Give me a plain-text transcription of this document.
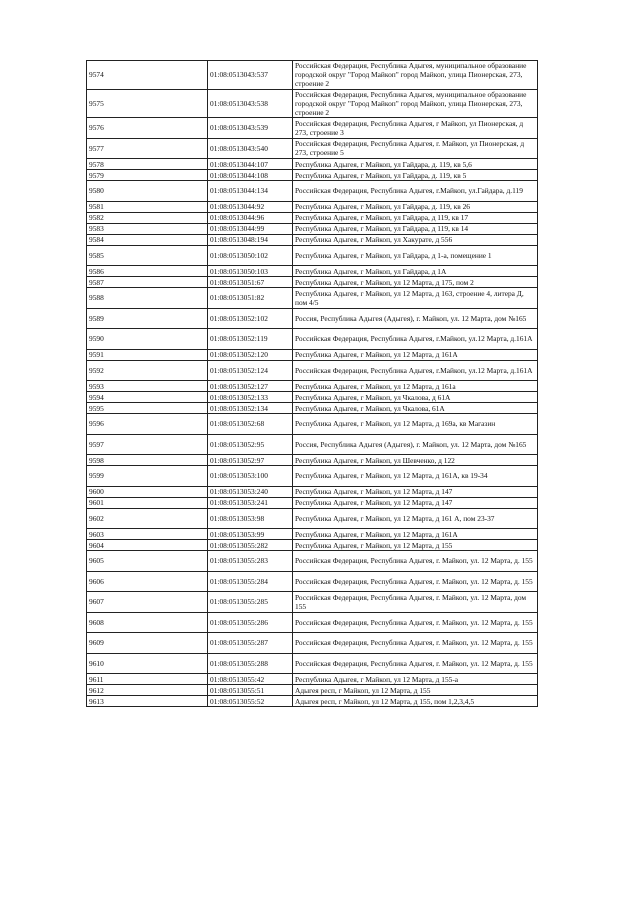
9574	01:08:0513043:537	Российская Федерация, Республика Адыгея, муниципальное образование городской округ "Город Майкоп" город Майкоп, улица Пионерская, 273, строение 2
9575	01:08:0513043:538	Российская Федерация, Республика Адыгея, муниципальное образование городской округ "Город Майкоп" город Майкоп, улица Пионерская, 273, строение 2
9576	01:08:0513043:539	Российская Федерация, Республика Адыгея, г Майкоп, ул Пионерская, д 273, строение 3
9577	01:08:0513043:540	Российская Федерация, Республика Адыгея, г. Майкоп, ул Пионерская, д 273, строение 5
9578	01:08:0513044:107	Республика Адыгея, г Майкоп, ул Гайдара, д. 119, кв 5,6
9579	01:08:0513044:108	Республика Адыгея, г Майкоп, ул Гайдара, д. 119, кв 5
9580	01:08:0513044:134	Российская Федерация, Республика Адыгея, г.Майкоп, ул.Гайдара, д.119
9581	01:08:0513044:92	Республика Адыгея, г Майкоп, ул Гайдара, д. 119, кв 26
9582	01:08:0513044:96	Республика Адыгея, г Майкоп, ул Гайдара, д 119, кв 17
9583	01:08:0513044:99	Республика Адыгея, г Майкоп, ул Гайдара, д 119, кв 14
9584	01:08:0513048:194	Республика Адыгея, г Майкоп, ул Хакурате, д 556
9585	01:08:0513050:102	Республика Адыгея, г Майкоп, ул Гайдара, д 1-а, помещение 1
9586	01:08:0513050:103	Республика Адыгея, г Майкоп, ул Гайдара, д 1А
9587	01:08:0513051:67	Республика Адыгея, г Майкоп, ул 12 Марта, д 175, пом 2
9588	01:08:0513051:82	Республика Адыгея, г Майкоп, ул 12 Марта, д 163, строение 4, литера Д, пом 4/5
9589	01:08:0513052:102	Россия, Республика Адыгея (Адыгея), г. Майкоп, ул. 12 Марта, дом №165
9590	01:08:0513052:119	Российская Федерация, Республика Адыгея, г.Майкоп, ул.12 Марта, д.161А
9591	01:08:0513052:120	Республика Адыгея, г Майкоп, ул 12 Марта, д 161А
9592	01:08:0513052:124	Российская Федерация, Республика Адыгея, г.Майкоп, ул.12 Марта, д.161А
9593	01:08:0513052:127	Республика Адыгея, г Майкоп, ул 12 Марта, д 161а
9594	01:08:0513052:133	Республика Адыгея, г Майкоп, ул Чкалова, д 61А
9595	01:08:0513052:134	Республика Адыгея, г Майкоп, ул Чкалова, 61А
9596	01:08:0513052:68	Республика Адыгея, г Майкоп, ул 12 Марта, д 169а, кв Магазин
9597	01:08:0513052:95	Россия, Республика Адыгея (Адыгея), г. Майкоп, ул. 12 Марта, дом №165
9598	01:08:0513052:97	Республика Адыгея, г Майкоп, ул Шевченко, д 122
9599	01:08:0513053:100	Республика Адыгея, г Майкоп, ул 12 Марта, д 161А, кв 19-34
9600	01:08:0513053:240	Республика Адыгея, г Майкоп, ул 12 Марта, д 147
9601	01:08:0513053:241	Республика Адыгея, г Майкоп, ул 12 Марта, д 147
9602	01:08:0513053:98	Республика Адыгея, г Майкоп, ул 12 Марта, д 161 А, пом 23-37
9603	01:08:0513053:99	Республика Адыгея, г Майкоп, ул 12 Марта, д 161А
9604	01:08:0513055:282	Республика Адыгея, г Майкоп, ул 12 Марта, д 155
9605	01:08:0513055:283	Российская Федерация, Республика Адыгея, г. Майкоп, ул. 12 Марта, д. 155
9606	01:08:0513055:284	Российская Федерация, Республика Адыгея, г. Майкоп, ул. 12 Марта, д. 155
9607	01:08:0513055:285	Российская Федерация, Республика Адыгея, г. Майкоп, ул. 12 Марта, дом 155
9608	01:08:0513055:286	Российская Федерация, Республика Адыгея, г. Майкоп, ул. 12 Марта, д. 155
9609	01:08:0513055:287	Российская Федерация, Республика Адыгея, г. Майкоп, ул. 12 Марта, д. 155
9610	01:08:0513055:288	Российская Федерация, Республика Адыгея, г. Майкоп, ул. 12 Марта, д. 155
9611	01:08:0513055:42	Республика Адыгея, г Майкоп, ул 12 Марта, д 155-а
9612	01:08:0513055:51	Адыгея респ, г Майкоп, ул 12 Марта, д 155
9613	01:08:0513055:52	Адыгея респ, г Майкоп, ул 12 Марта, д 155, пом 1,2,3,4,5
